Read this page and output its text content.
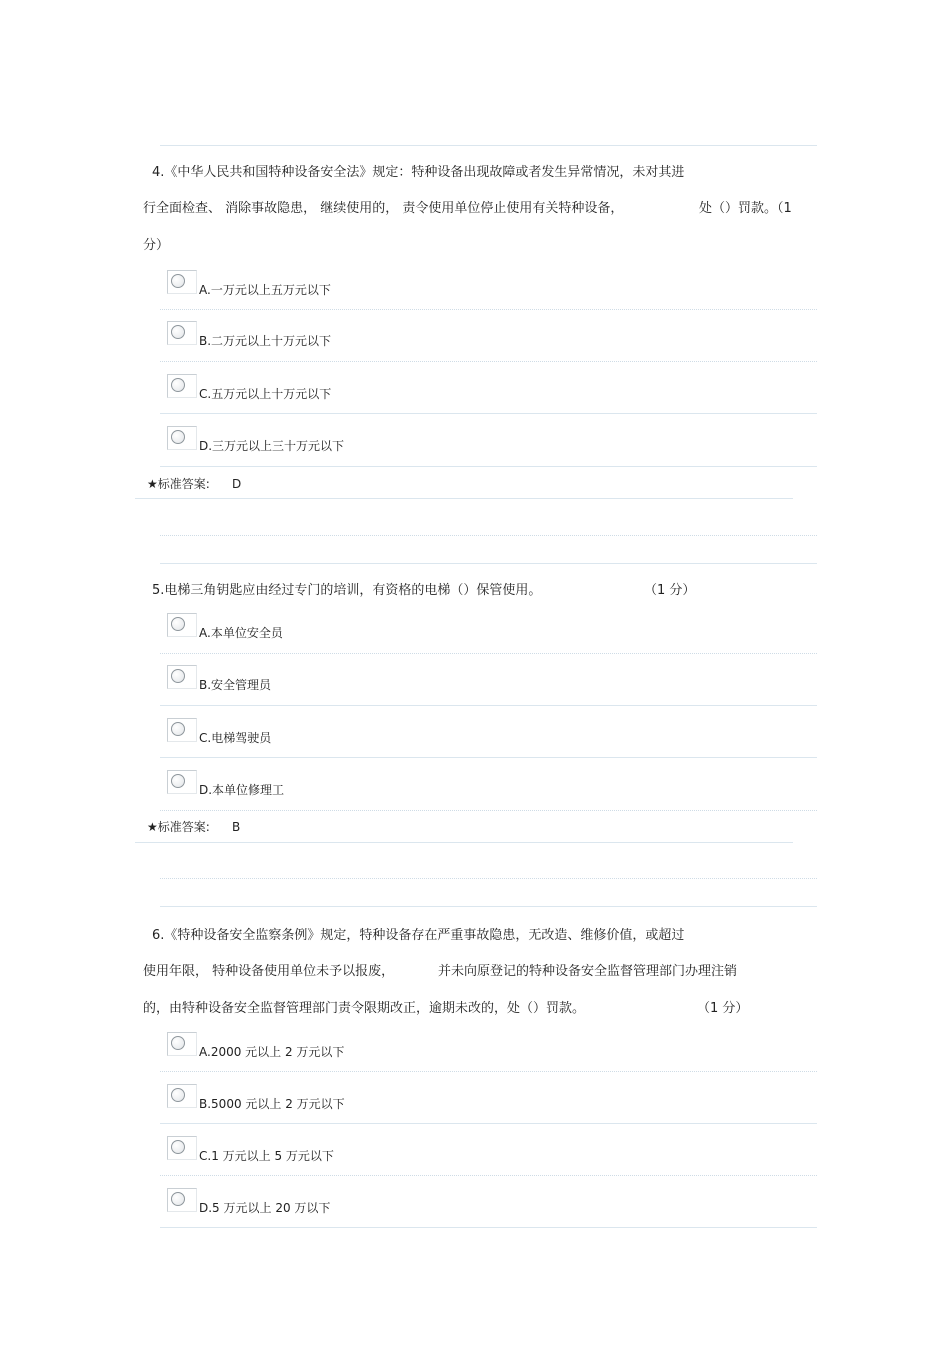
4.《中华人民共和国特种设备安全法》规定：特种设备出现故障或者发生异常情况，未对其进
行全面检查、 消除事故隐患， 继续使用的， 责令使用单位停止使用有关特种设备，	处（）罚款。（1
分）
A.一万元以上五万元以下
B.二万元以上十万元以下
C.五万元以上十万元以下
D.三万元以上三十万元以下
★标准答案: D
5.电梯三角钥匙应由经过专门的培训，有资格的电梯（）保管使用。	（1 分）
A.本单位安全员
B.安全管理员
C.电梯驾驶员
D.本单位修理工
★标准答案: B
6.《特种设备安全监察条例》规定，特种设备存在严重事故隐患，无改造、维修价值，或超过
使用年限， 特种设备使用单位未予以报废，	并未向原登记的特种设备安全监督管理部门办理注销
的，由特种设备安全监督管理部门责令限期改正，逾期未改的，处（）罚款。	（1 分）
A.2000 元以上 2 万元以下
B.5000 元以上 2 万元以下
C.1 万元以上 5 万元以下
D.5 万元以上 20 万以下
